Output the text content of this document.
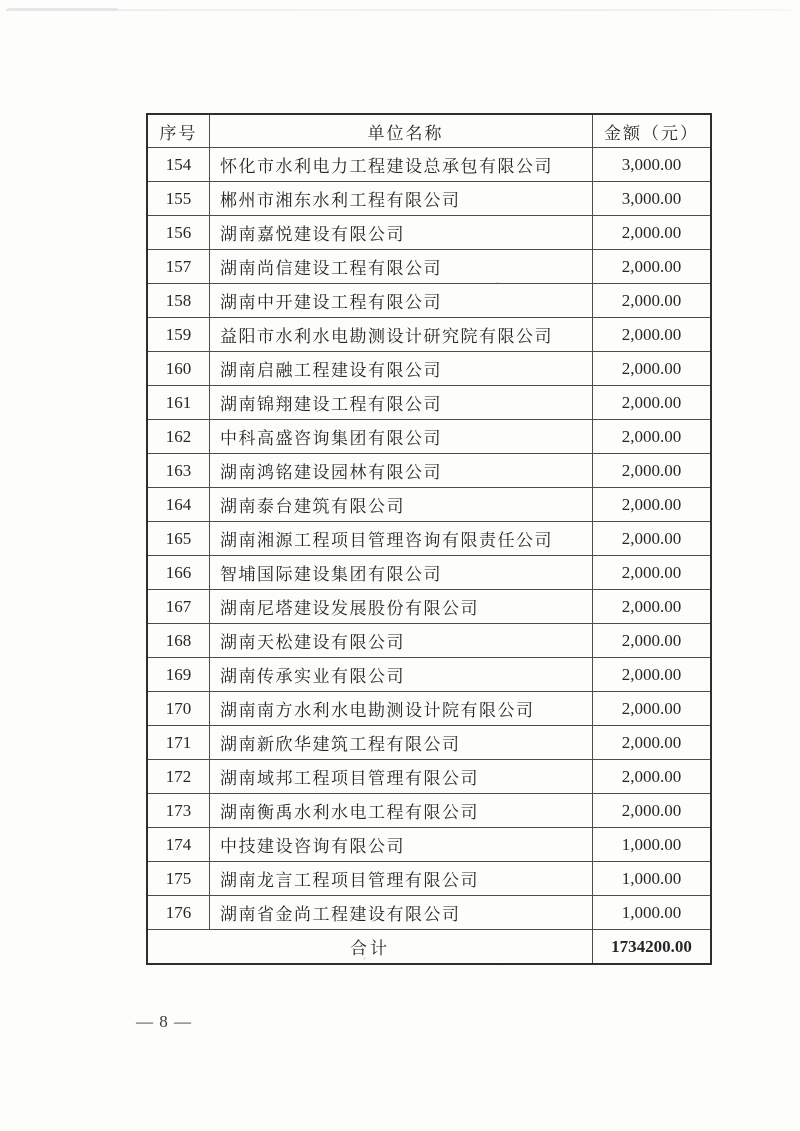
序号	单位名称	金额（元）
154	怀化市水利电力工程建设总承包有限公司	3,000.00
155	郴州市湘东水利工程有限公司	3,000.00
156	湖南嘉悦建设有限公司	2,000.00
157	湖南尚信建设工程有限公司	2,000.00
158	湖南中开建设工程有限公司	2,000.00
159	益阳市水利水电勘测设计研究院有限公司	2,000.00
160	湖南启融工程建设有限公司	2,000.00
161	湖南锦翔建设工程有限公司	2,000.00
162	中科高盛咨询集团有限公司	2,000.00
163	湖南鸿铭建设园林有限公司	2,000.00
164	湖南泰台建筑有限公司	2,000.00
165	湖南湘源工程项目管理咨询有限责任公司	2,000.00
166	智埔国际建设集团有限公司	2,000.00
167	湖南尼塔建设发展股份有限公司	2,000.00
168	湖南天松建设有限公司	2,000.00
169	湖南传承实业有限公司	2,000.00
170	湖南南方水利水电勘测设计院有限公司	2,000.00
171	湖南新欣华建筑工程有限公司	2,000.00
172	湖南域邦工程项目管理有限公司	2,000.00
173	湖南衡禹水利水电工程有限公司	2,000.00
174	中技建设咨询有限公司	1,000.00
175	湖南龙言工程项目管理有限公司	1,000.00
176	湖南省金尚工程建设有限公司	1,000.00
合计		1734200.00
— 8 —
